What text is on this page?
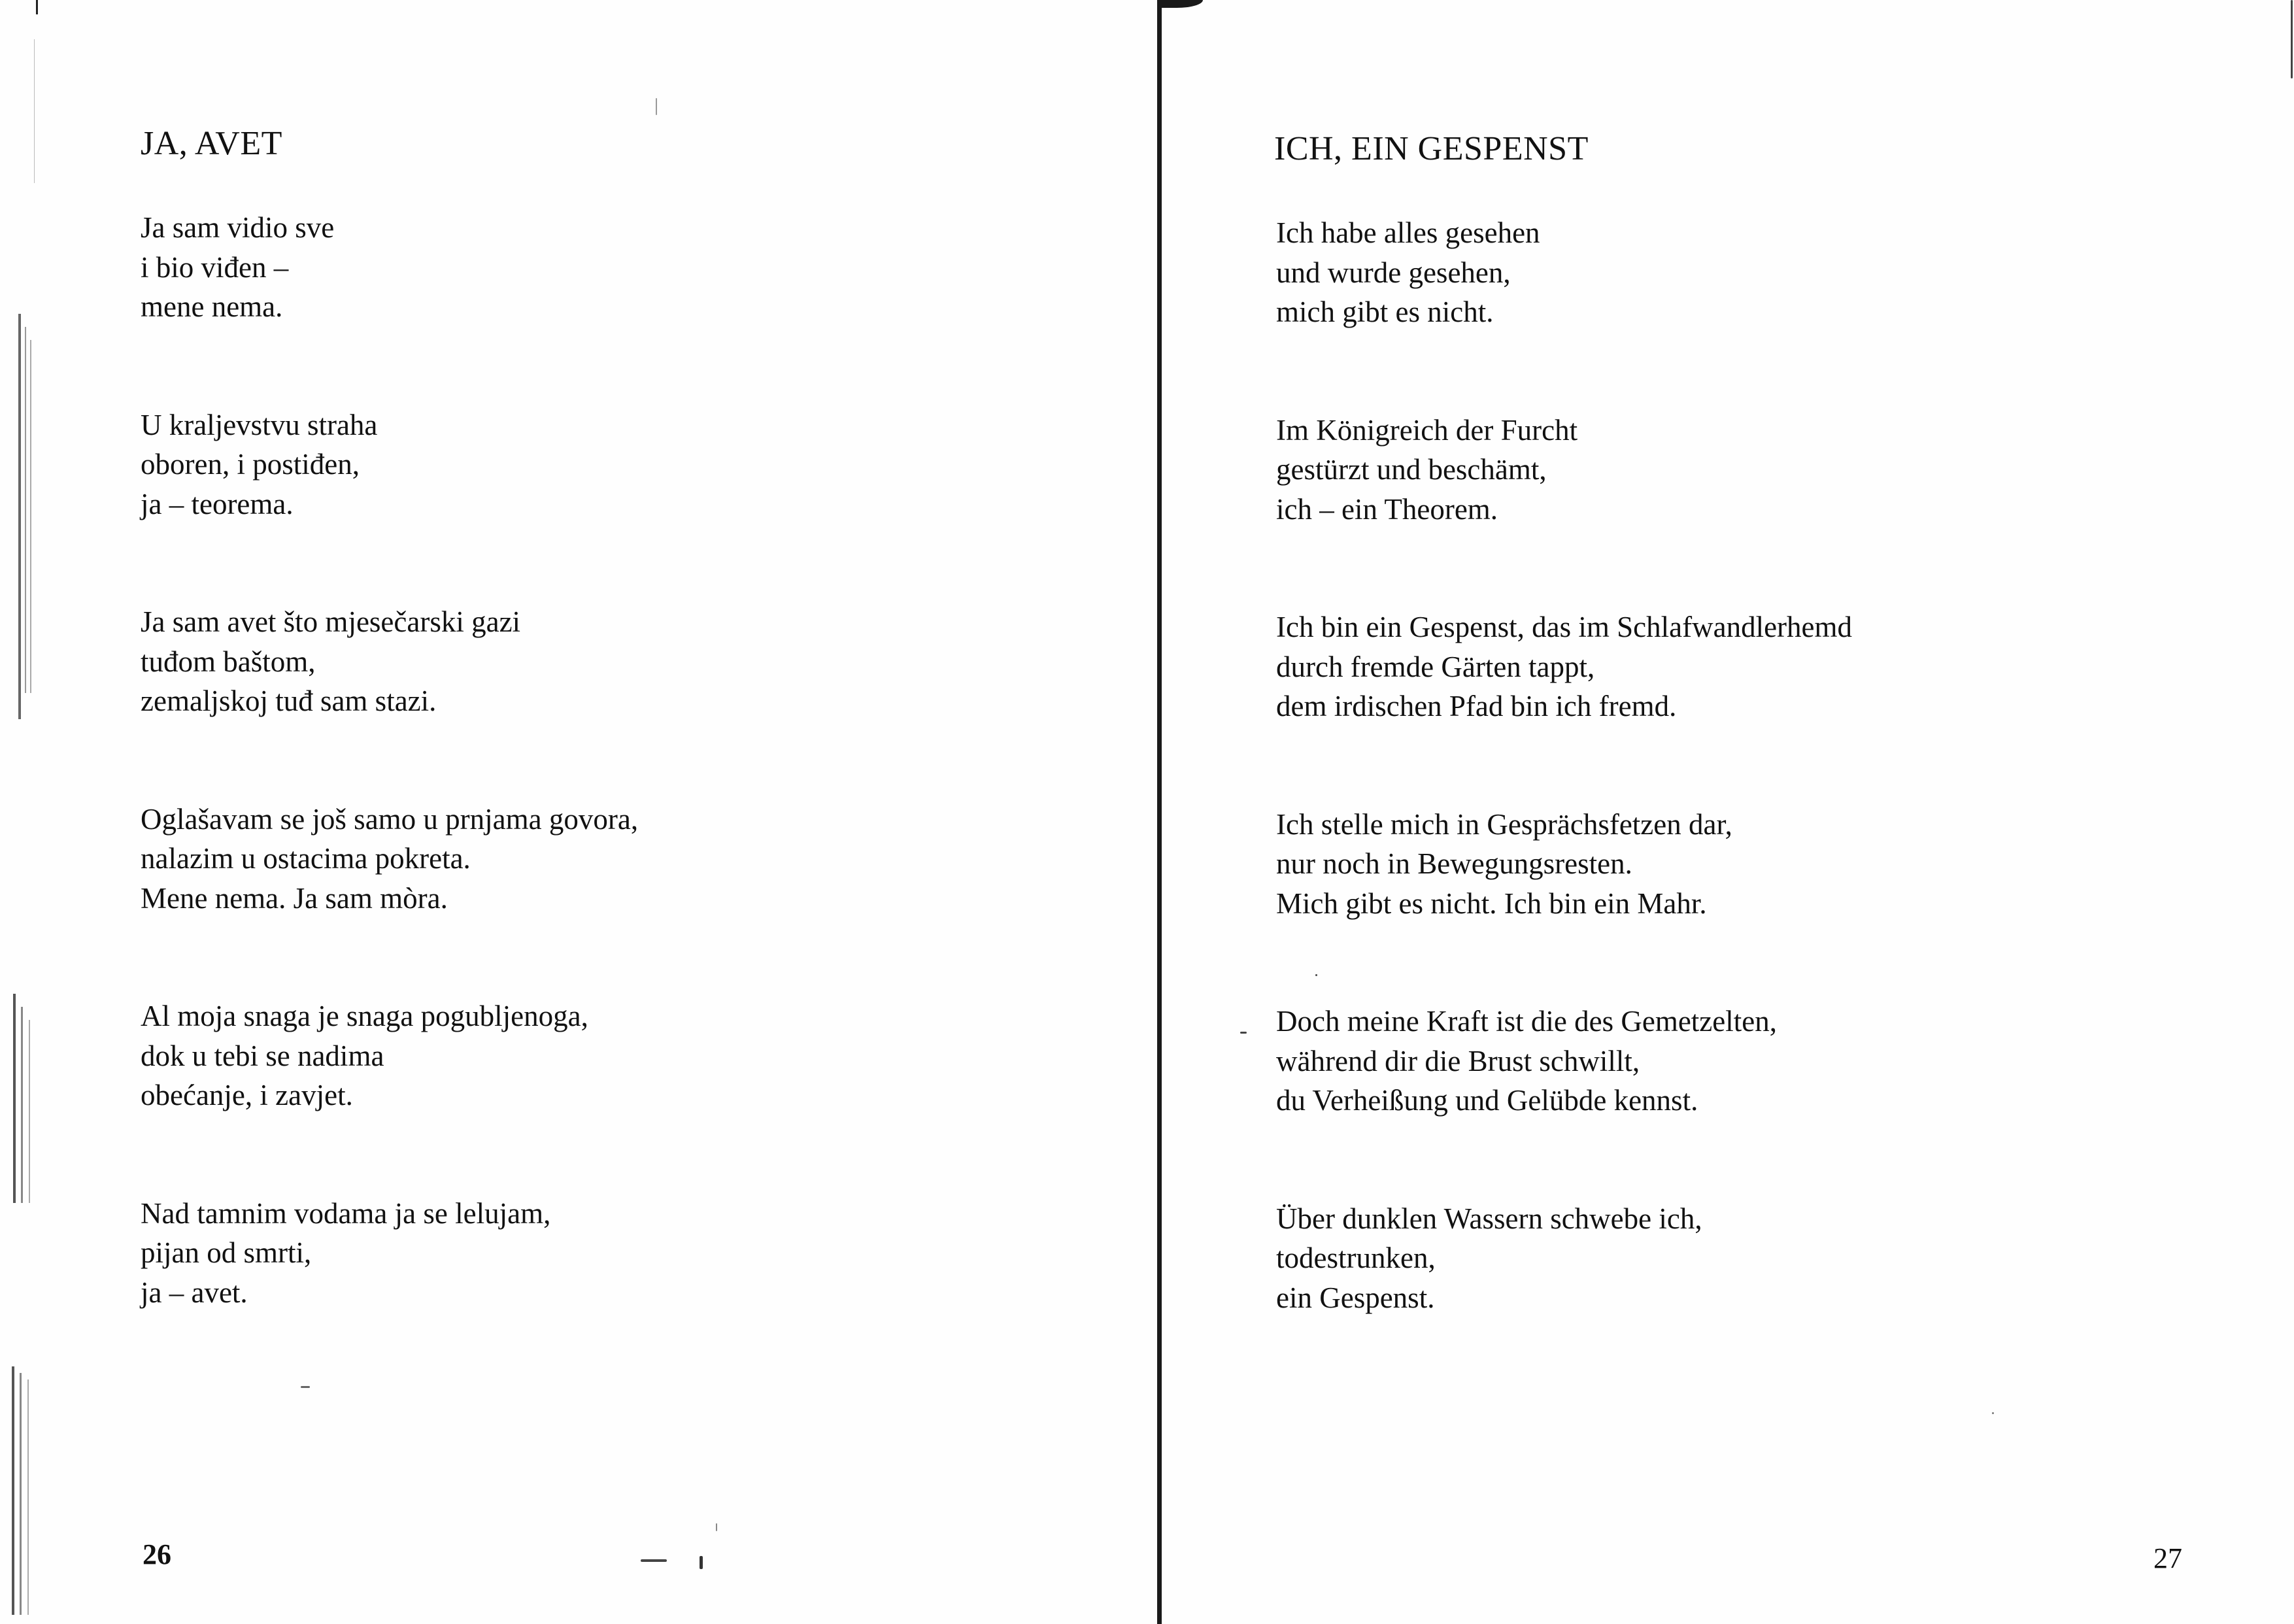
JA, AVET
Ja sam vidio sve
i bio viđen –
mene nema.
U kraljevstvu straha
oboren, i postiđen,
ja – teorema.
Ja sam avet što mjesečarski gazi
tuđom baštom,
zemaljskoj tuđ sam stazi.
Oglašavam se još samo u prnjama govora,
nalazim u ostacima pokreta.
Mene nema. Ja sam mòra.
Al moja snaga je snaga pogubljenoga,
dok u tebi se nadima
obećanje, i zavjet.
Nad tamnim vodama ja se lelujam,
pijan od smrti,
ja – avet.

26

ICH, EIN GESPENST
Ich habe alles gesehen
und wurde gesehen,
mich gibt es nicht.
Im Königreich der Furcht
gestürzt und beschämt,
ich – ein Theorem.
Ich bin ein Gespenst, das im Schlafwandlerhemd
durch fremde Gärten tappt,
dem irdischen Pfad bin ich fremd.
Ich stelle mich in Gesprächsfetzen dar,
nur noch in Bewegungsresten.
Mich gibt es nicht. Ich bin ein Mahr.
Doch meine Kraft ist die des Gemetzelten,
während dir die Brust schwillt,
du Verheißung und Gelübde kennst.
Über dunklen Wassern schwebe ich,
todestrunken,
ein Gespenst.

27
